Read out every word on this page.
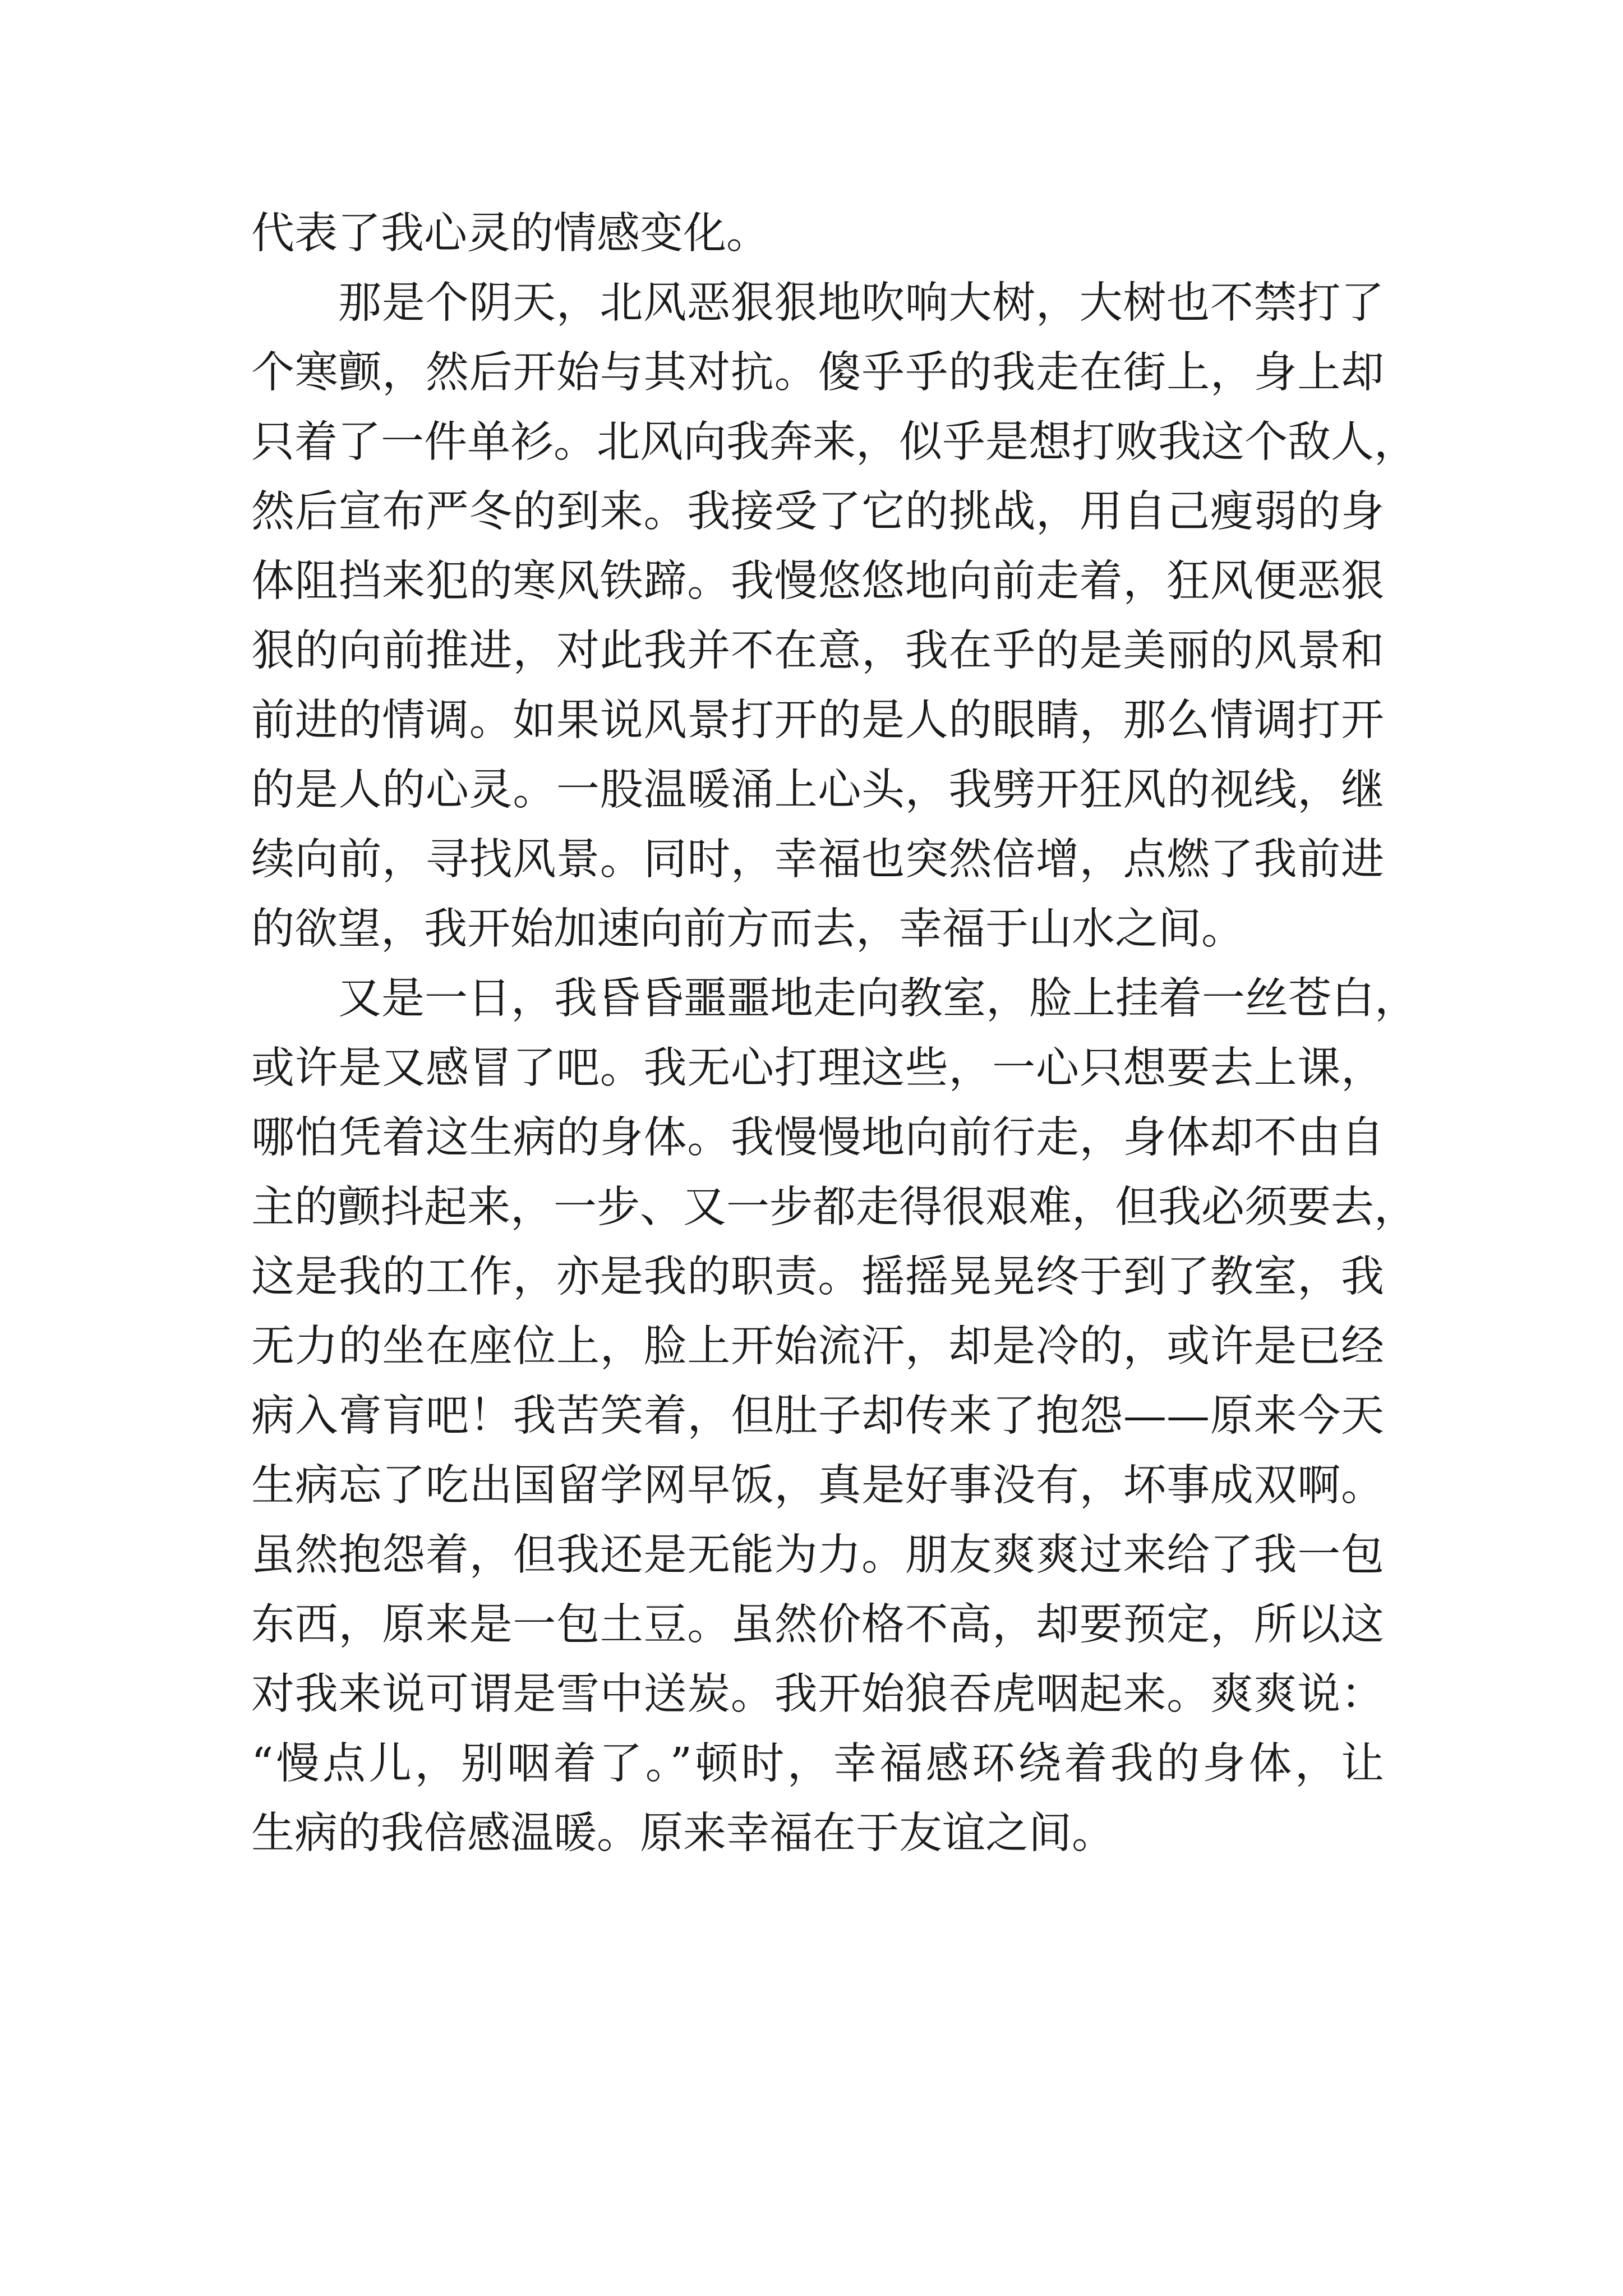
代表了我心灵的情感变化。
那是个阴天，北风恶狠狠地吹响大树，大树也不禁打了
个寒颤，然后开始与其对抗。傻乎乎的我走在街上，身上却
只着了一件单衫。北风向我奔来，似乎是想打败我这个敌人，
然后宣布严冬的到来。我接受了它的挑战，用自己瘦弱的身
体阻挡来犯的寒风铁蹄。我慢悠悠地向前走着，狂风便恶狠
狠的向前推进，对此我并不在意，我在乎的是美丽的风景和
前进的情调。如果说风景打开的是人的眼睛，那么情调打开
的是人的心灵。一股温暖涌上心头，我劈开狂风的视线，继
续向前，寻找风景。同时，幸福也突然倍增，点燃了我前进
的欲望，我开始加速向前方而去，幸福于山水之间。
又是一日，我昏昏噩噩地走向教室，脸上挂着一丝苍白，
或许是又感冒了吧。我无心打理这些，一心只想要去上课，
哪怕凭着这生病的身体。我慢慢地向前行走，身体却不由自
主的颤抖起来，一步、又一步都走得很艰难，但我必须要去，
这是我的工作，亦是我的职责。摇摇晃晃终于到了教室，我
无力的坐在座位上，脸上开始流汗，却是冷的，或许是已经
病入膏肓吧！我苦笑着，但肚子却传来了抱怨——原来今天
生病忘了吃出国留学网早饭，真是好事没有，坏事成双啊。
虽然抱怨着，但我还是无能为力。朋友爽爽过来给了我一包
东西，原来是一包土豆。虽然价格不高，却要预定，所以这
对我来说可谓是雪中送炭。我开始狼吞虎咽起来。爽爽说：
“慢点儿，别咽着了。”顿时，幸福感环绕着我的身体，让
生病的我倍感温暖。原来幸福在于友谊之间。
